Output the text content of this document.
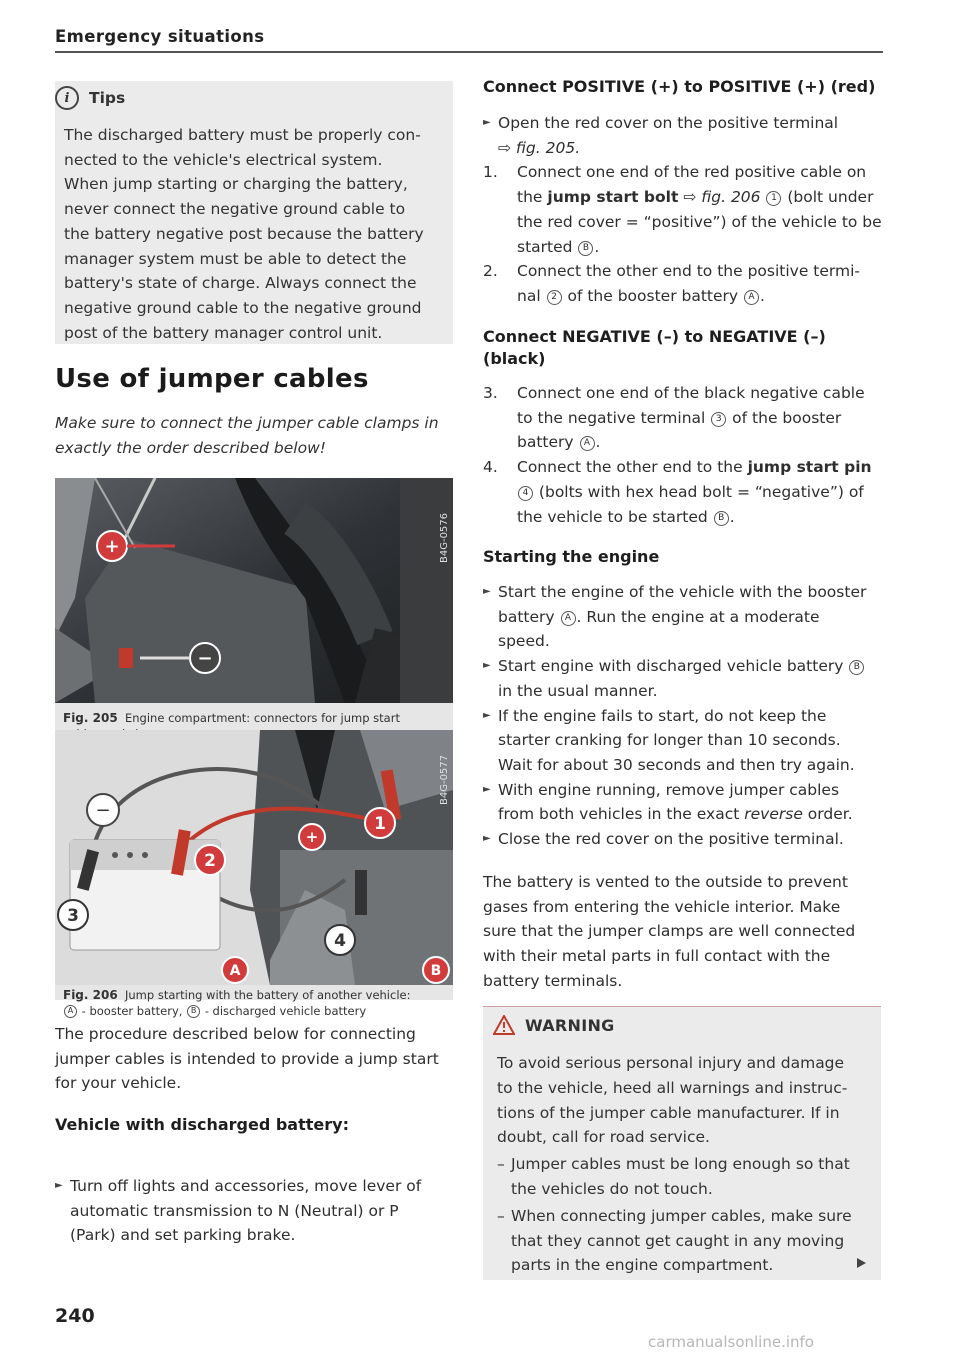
Emergency situations
i	Tips
The discharged battery must be properly con-
nected to the vehicle's electrical system.
When jump starting or charging the battery,
never connect the negative ground cable to
the battery negative post because the battery
manager system must be able to detect the
battery's state of charge. Always connect the
negative ground cable to the negative ground
post of the battery manager control unit.
Use of jumper cables
Make sure to connect the jumper cable clamps in
exactly the order described below!
+
−
B4G-0576
Fig. 205 Engine compartment: connectors for jump start

−
+
1
2
3
4
A	B
B4G-0577
Fig. 206 Jump starting with the battery of another vehicle:
A - booster battery, B - discharged vehicle battery
The procedure described below for connecting
jumper cables is intended to provide a jump start
for your vehicle.
Vehicle with discharged battery:
► Turn off lights and accessories, move lever of
automatic transmission to N (Neutral) or P
(Park) and set parking brake.
Connect POSITIVE (+) to POSITIVE (+) (red)
► Open the red cover on the positive terminal
⇨ fig. 205.
1. Connect one end of the red positive cable on
the jump start bolt ⇨ fig. 206 1 (bolt under
the red cover = “positive”) of the vehicle to be
started B .
2. Connect the other end to the positive termi-
nal 2 of the booster battery A .
Connect NEGATIVE (–) to NEGATIVE (–)
(black)
3. Connect one end of the black negative cable
to the negative terminal 3 of the booster
battery A .
4. Connect the other end to the jump start pin
4 (bolts with hex head bolt = “negative”) of
the vehicle to be started B .
Starting the engine
► Start the engine of the vehicle with the booster
battery A . Run the engine at a moderate
speed.
► Start engine with discharged vehicle battery B
in the usual manner.
► If the engine fails to start, do not keep the
starter cranking for longer than 10 seconds.
Wait for about 30 seconds and then try again.
► With engine running, remove jumper cables
from both vehicles in the exact reverse order.
► Close the red cover on the positive terminal.
The battery is vented to the outside to prevent
gases from entering the vehicle interior. Make
sure that the jumper clamps are well connected
with their metal parts in full contact with the
battery terminals.
WARNING
To avoid serious personal injury and damage
to the vehicle, heed all warnings and instruc-
tions of the jumper cable manufacturer. If in
doubt, call for road service.
– Jumper cables must be long enough so that
the vehicles do not touch.
– When connecting jumper cables, make sure
that they cannot get caught in any moving
parts in the engine compartment.
240
carmanualsonline.info
